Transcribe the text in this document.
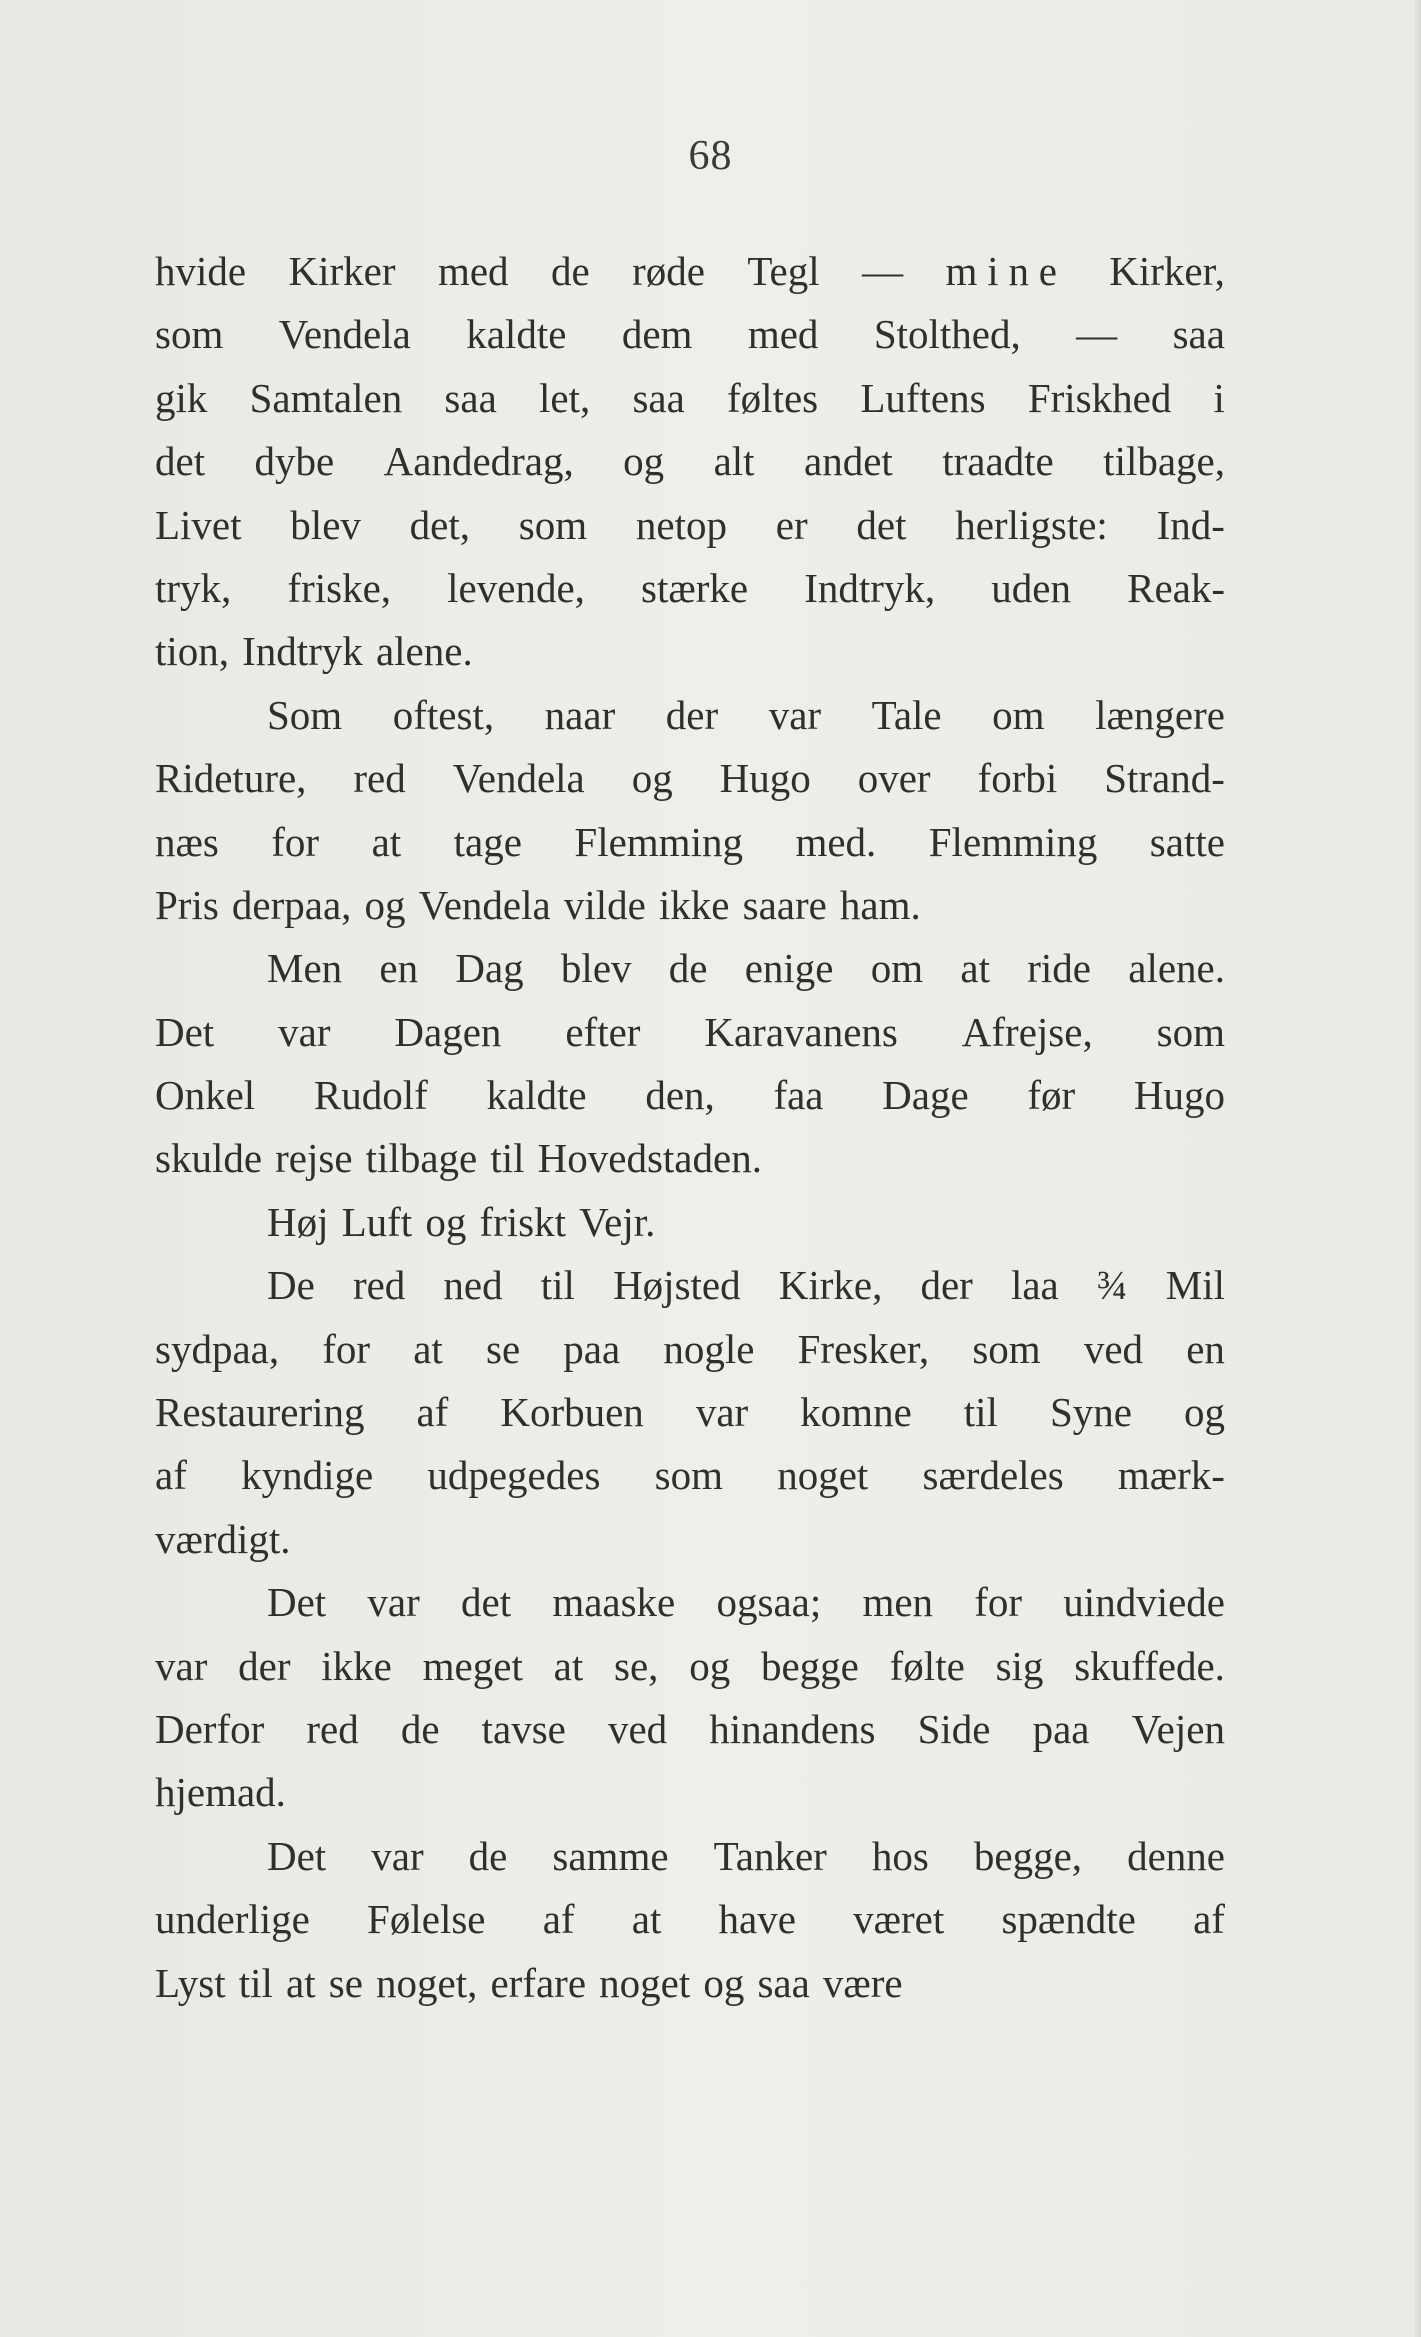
68
hvide Kirker med de røde Tegl — mine Kirker,
som Vendela kaldte dem med Stolthed, — saa
gik Samtalen saa let, saa føltes Luftens Friskhed i
det dybe Aandedrag, og alt andet traadte tilbage,
Livet blev det, som netop er det herligste: Ind-
tryk, friske, levende, stærke Indtryk, uden Reak-
tion, Indtryk alene.
Som oftest, naar der var Tale om længere
Rideture, red Vendela og Hugo over forbi Strand-
næs for at tage Flemming med. Flemming satte
Pris derpaa, og Vendela vilde ikke saare ham.
Men en Dag blev de enige om at ride alene.
Det var Dagen efter Karavanens Afrejse, som
Onkel Rudolf kaldte den, faa Dage før Hugo
skulde rejse tilbage til Hovedstaden.
Høj Luft og friskt Vejr.
De red ned til Højsted Kirke, der laa ¾ Mil
sydpaa, for at se paa nogle Fresker, som ved en
Restaurering af Korbuen var komne til Syne og
af kyndige udpegedes som noget særdeles mærk-
værdigt.
Det var det maaske ogsaa; men for uindviede
var der ikke meget at se, og begge følte sig skuffede.
Derfor red de tavse ved hinandens Side paa Vejen
hjemad.
Det var de samme Tanker hos begge, denne
underlige Følelse af at have været spændte af
Lyst til at se noget, erfare noget og saa være
